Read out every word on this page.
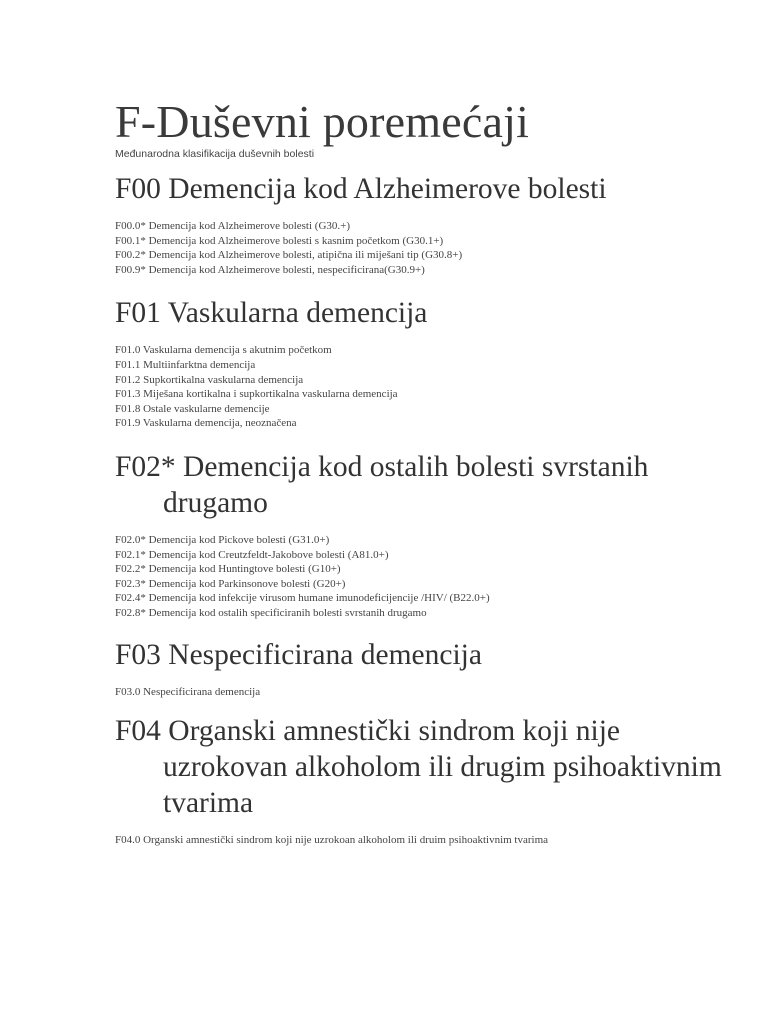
F-Duševni poremećaji

Međunarodna klasifikacija duševnih bolesti

F00 Demencija kod Alzheimerove bolesti
F00.0* Demencija kod Alzheimerove bolesti (G30.+)
F00.1* Demencija kod Alzheimerove bolesti s kasnim početkom (G30.1+)
F00.2* Demencija kod Alzheimerove bolesti, atipična ili miješani tip (G30.8+)
F00.9* Demencija kod Alzheimerove bolesti, nespecificirana(G30.9+)
F01 Vaskularna demencija
F01.0 Vaskularna demencija s akutnim početkom
F01.1 Multiinfarktna demencija
F01.2 Supkortikalna vaskularna demencija
F01.3 Miješana kortikalna i supkortikalna vaskularna demencija
F01.8 Ostale vaskularne demencije
F01.9 Vaskularna demencija, neoznačena
F02* Demencija kod ostalih bolesti svrstanih drugamo
F02.0* Demencija kod Pickove bolesti (G31.0+)
F02.1* Demencija kod Creutzfeldt-Jakobove bolesti (A81.0+)
F02.2* Demencija kod Huntingtove bolesti (G10+)
F02.3* Demencija kod Parkinsonove bolesti (G20+)
F02.4* Demencija kod infekcije virusom humane imunodeficijencije /HIV/ (B22.0+)
F02.8* Demencija kod ostalih specificiranih bolesti svrstanih drugamo
F03 Nespecificirana demencija
F03.0 Nespecificirana demencija
F04 Organski amnestički sindrom koji nije uzrokovan alkoholom ili drugim psihoaktivnim tvarima
F04.0 Organski amnestički sindrom koji nije uzrokoan alkoholom ili druim psihoaktivnim tvarima
